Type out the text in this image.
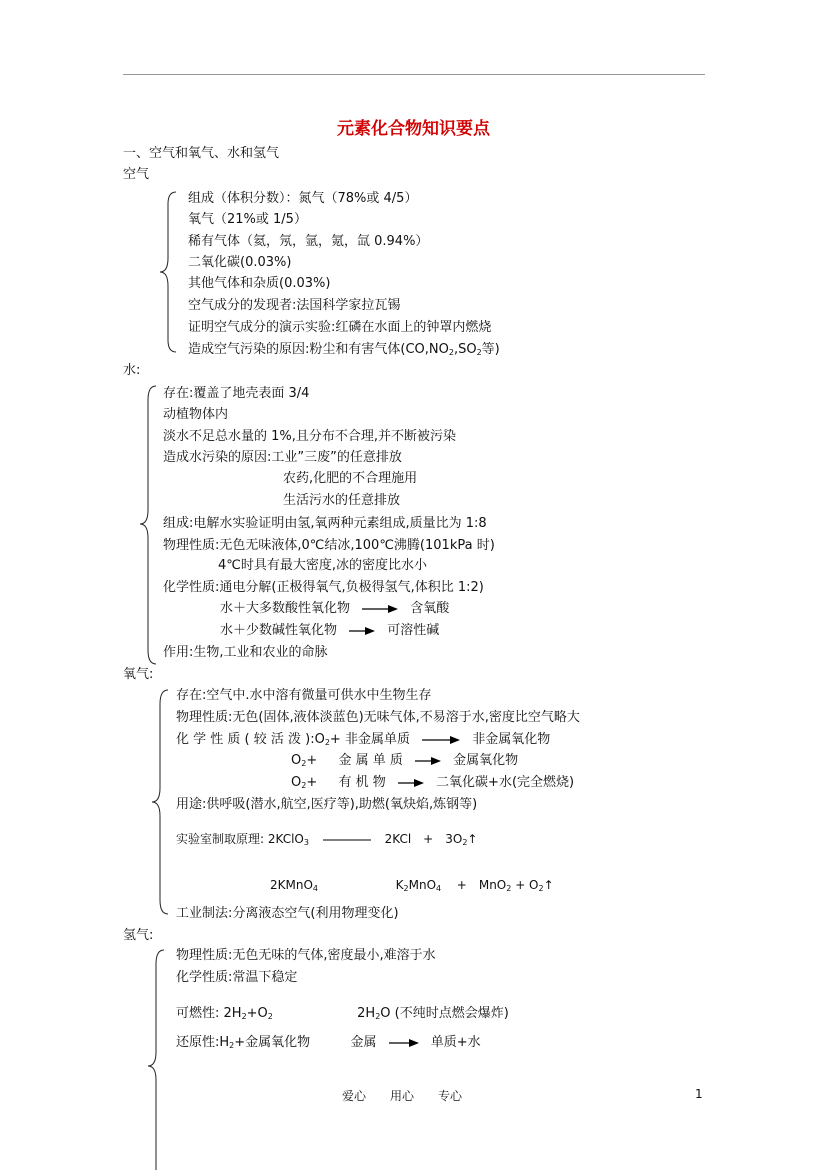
元素化合物知识要点
一、空气和氧气、水和氢气
空气
组成（体积分数）：氮气（78%或 4/5）
氧气（21%或 1/5）
稀有气体（氦，氖，氩，氪，氙 0.94%）
二氧化碳(0.03%)
其他气体和杂质(0.03%)
空气成分的发现者:法国科学家拉瓦锡
证明空气成分的演示实验:红磷在水面上的钟罩内燃烧
造成空气污染的原因:粉尘和有害气体($CO,NO_2,SO_2$等)
水:
存在:覆盖了地壳表面 3/4
动植物体内
淡水不足总水量的 1%,且分布不合理,并不断被污染
造成水污染的原因:工业”三废”的任意排放
农药,化肥的不合理施用
生活污水的任意排放
组成:电解水实验证明由氢,氧两种元素组成,质量比为 1:8
物理性质:无色无味液体,0℃结冰,100℃沸腾(101kPa 时)
4℃时具有最大密度,冰的密度比水小
化学性质:通电分解(正极得氧气,负极得氢气,体积比 1:2)
水＋大多数酸性氧化物	含氧酸
水＋少数碱性氧化物	可溶性碱
作用:生物,工业和农业的命脉
氧气:
存在:空气中.水中溶有微量可供水中生物生存
物理性质:无色(固体,液体淡蓝色)无味气体,不易溶于水,密度比空气略大
化 学 性 质 ( 较 活 泼 )$:O_2+$ 非金属单质	非金属氧化物
$O_2+$ 　 金 属 单 质	金属氧化物
$O_2+$ 　 有 机 物	二氧化碳+水(完全燃烧)
用途:供呼吸(潜水,航空,医疗等),助燃(氧炔焰,炼钢等)
实验室制取原理: 2KClO$_3$	2KCl　+　$3O_2↑$
2KMnO$_4$	$K_2MnO_4$ +　$MnO_2 + O_2↑$
工业制法:分离液态空气(利用物理变化)
氢气:
物理性质:无色无味的气体,密度最小,难溶于水
化学性质:常温下稳定
可燃性: $2H_2+O_2$	$2H_2O$ (不纯时点燃会爆炸)
还原性$:H_2+$金属氧化物	金属	单质+水
爱心　　用心　　专心	1
